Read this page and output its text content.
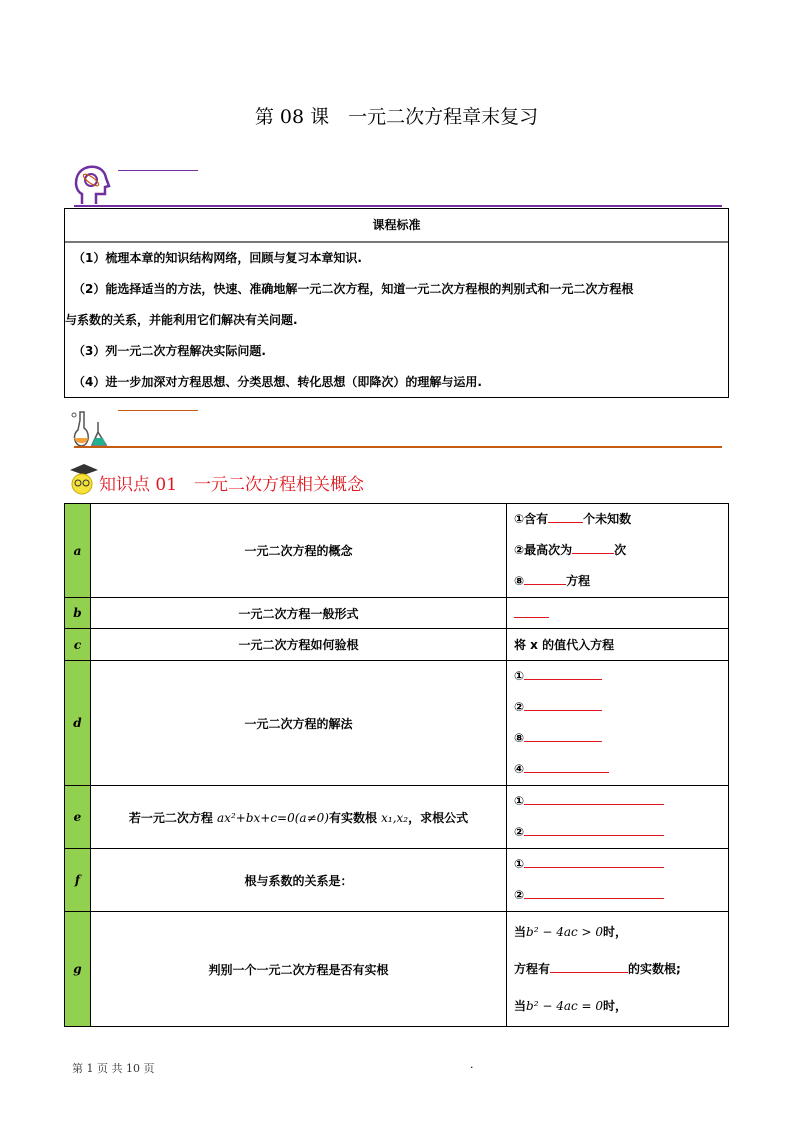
第 08 课　一元二次方程章末复习
课程标准

（1）梳理本章的知识结构网络，回顾与复习本章知识.

（2）能选择适当的方法，快速、准确地解一元二次方程，知道一元二次方程根的判别式和一元二次方程根

与系数的关系，并能利用它们解决有关问题.

（3）列一元二次方程解决实际问题.

（4）进一步加深对方程思想、分类思想、转化思想（即降次）的理解与运用.

知识点 01　一元二次方程相关概念
a	一元二次方程的概念	①含有 个未知数
②最高次为 次
⑧ 方程

b	一元二次方程一般形式	
c	一元二次方程如何验根	将 x 的值代入方程
d	一元二次方程的解法	①
②
⑧
④

e	若一元二次方程 ax²+bx+c=0(a≠0)有实数根 x₁,x₂，求根公式	①
②

f	根与系数的关系是：	①
②

g	判别一个一元二次方程是否有实根	当b² − 4ac > 0时，
方程有 的实数根;
当b² − 4ac = 0时，
第 1 页 共 10 页	.
